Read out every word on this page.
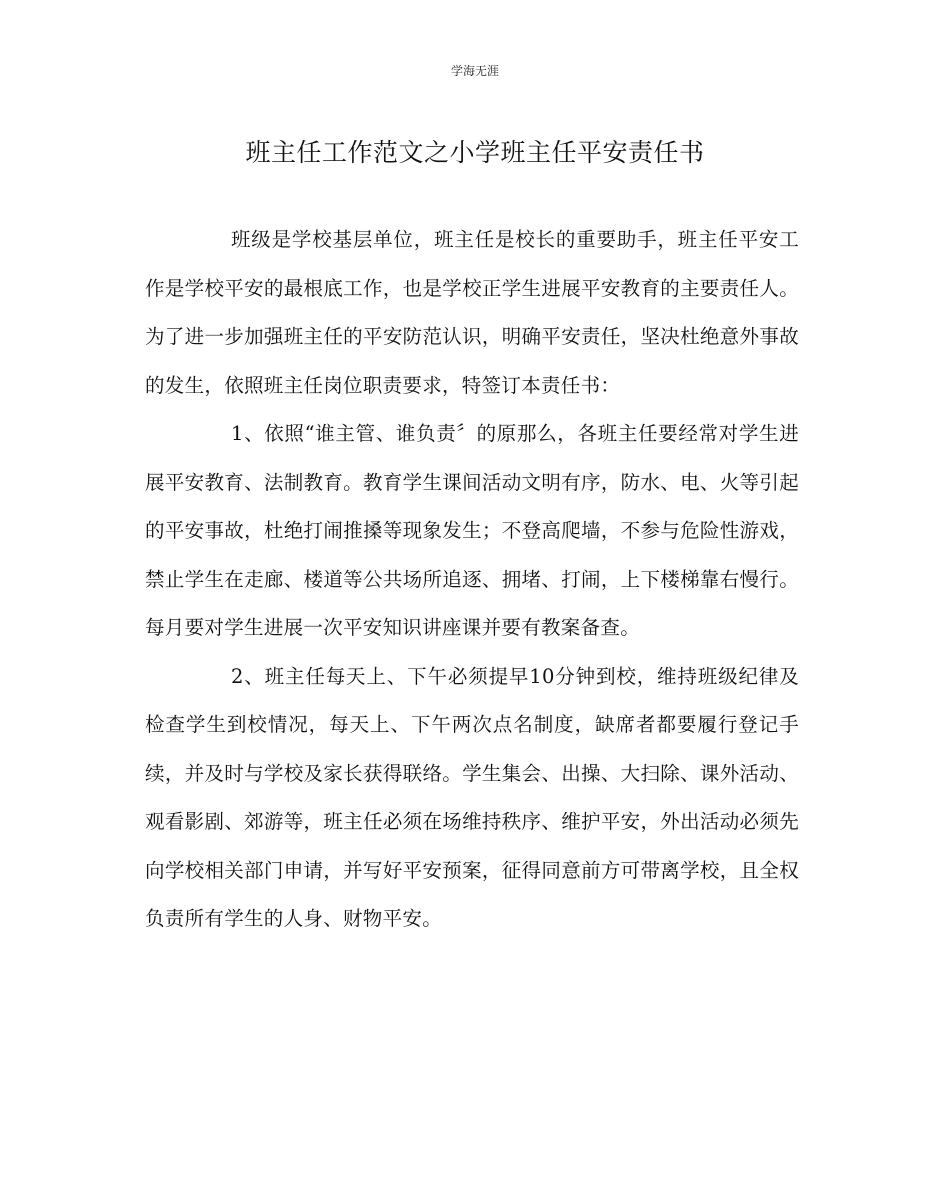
学海无涯
班主任工作范文之小学班主任平安责任书

班级是学校基层单位，班主任是校长的重要助手，班主任平安工作是学校平安的最根底工作，也是学校正学生进展平安教育的主要责任人。为了进一步加强班主任的平安防范认识，明确平安责任，坚决杜绝意外事故的发生，依照班主任岗位职责要求，特签订本责任书：

1、依照“谁主管、谁负责〞的原那么，各班主任要经常对学生进展平安教育、法制教育。教育学生课间活动文明有序，防水、电、火等引起的平安事故，杜绝打闹推搡等现象发生；不登高爬墙，不参与危险性游戏，禁止学生在走廊、楼道等公共场所追逐、拥堵、打闹，上下楼梯靠右慢行。每月要对学生进展一次平安知识讲座课并要有教案备查。

2、班主任每天上、下午必须提早10分钟到校，维持班级纪律及检查学生到校情况，每天上、下午两次点名制度，缺席者都要履行登记手续，并及时与学校及家长获得联络。学生集会、出操、大扫除、课外活动、观看影剧、郊游等，班主任必须在场维持秩序、维护平安，外出活动必须先向学校相关部门申请，并写好平安预案，征得同意前方可带离学校，且全权负责所有学生的人身、财物平安。
